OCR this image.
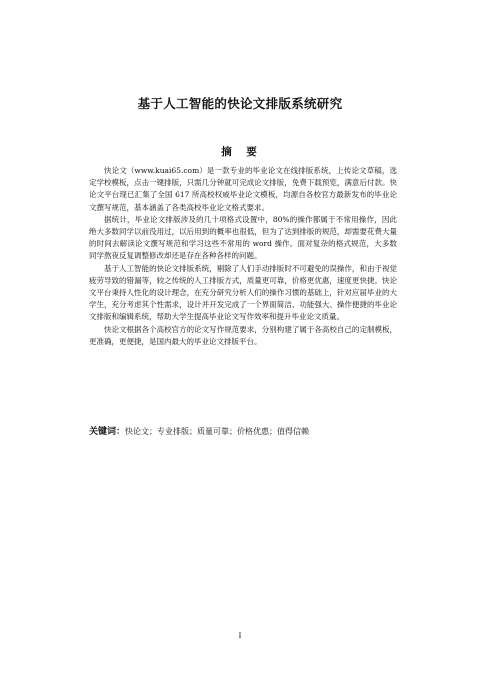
基于人工智能的快论文排版系统研究
摘　要

快论文（www.kuai65.com）是一款专业的毕业论文在线排版系统，上传论文草稿，选定学校模板，点击一键排版，只需几分钟就可完成论文排版，免费下载预览，满意后付款。快论文平台现已汇集了全国 617 所高校权威毕业论文模板，均源自各校官方最新发布的毕业论文撰写规范，基本涵盖了各类高校毕业论文格式要求。

据统计，毕业论文排版涉及的几十项格式设置中，80%的操作都属于不常用操作，因此绝大多数同学以前没用过，以后用到的概率也很低，但为了达到排版的规范，却需要花费大量的时间去解读论文撰写规范和学习这些不常用的 word 操作。面对复杂的格式规范，大多数同学熬夜反复调整修改却还是存在各种各样的问题。

基于人工智能的快论文排版系统，剔除了人们手动排版时不可避免的误操作，和由于视觉疲劳导致的错漏等，较之传统的人工排版方式，质量更可靠，价格更优惠，速度更快捷。快论文平台秉持人性化的设计理念，在充分研究分析人们的操作习惯的基础上，针对应届毕业的大学生，充分考虑其个性需求，设计并开发完成了一个界面简洁、功能强大、操作便捷的毕业论文排版和编辑系统，帮助大学生提高毕业论文写作效率和提升毕业论文质量。

快论文根据各个高校官方的论文写作规范要求，分别构建了属于各高校自己的定制模板，更准确，更便捷，是国内最大的毕业论文排版平台。

关键词：快论文；专业排版；质量可靠；价格优惠；值得信赖
I
